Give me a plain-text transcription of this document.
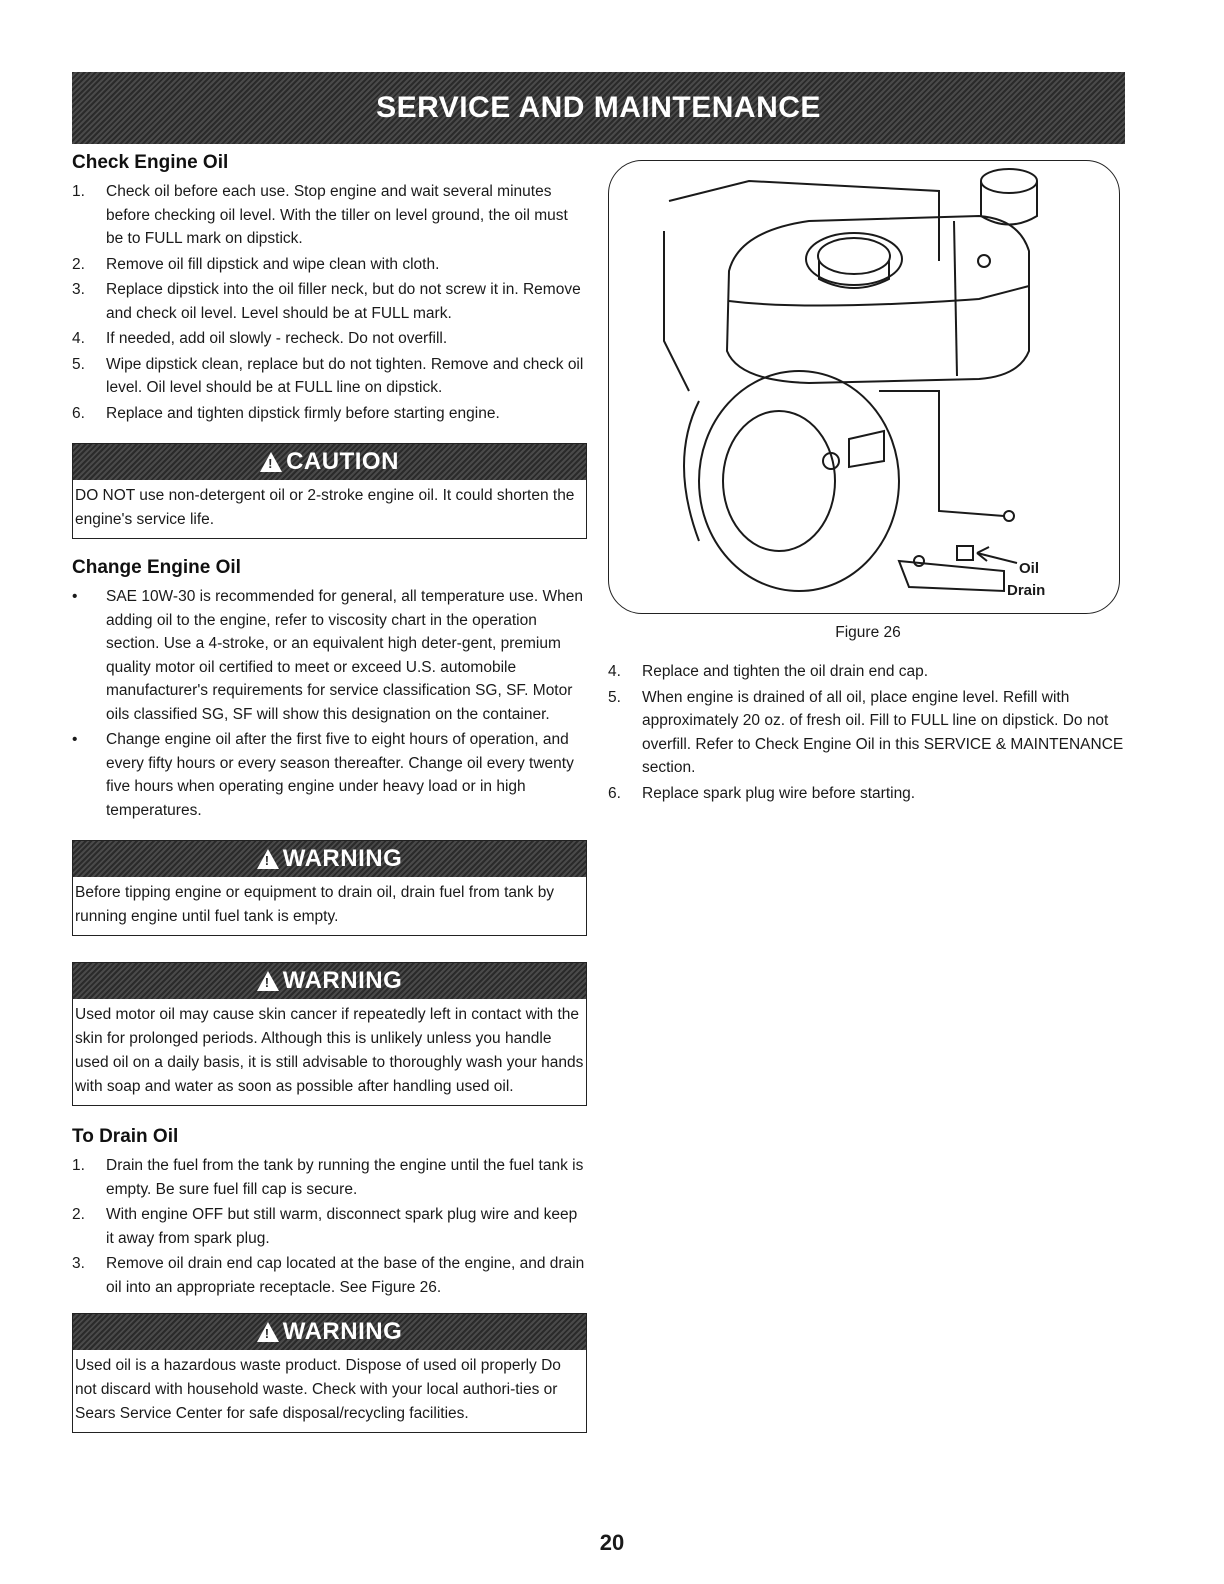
SERVICE AND MAINTENANCE
Check Engine Oil
1.	Check oil before each use. Stop engine and wait several minutes before checking oil level. With the tiller on level ground, the oil must be to FULL mark on dipstick.
2.	Remove oil fill dipstick and wipe clean with cloth.
3.	Replace dipstick into the oil filler neck, but do not screw it in. Remove and check oil level. Level should be at FULL mark.
4.	If needed, add oil slowly - recheck. Do not overfill.
5.	Wipe dipstick clean, replace but do not tighten. Remove and check oil level. Oil level should be at FULL line on dipstick.
6.	Replace and tighten dipstick firmly before starting engine.
!
CAUTION
DO NOT use non-detergent oil or 2-stroke engine oil. It could shorten the engine's service life.
Change Engine Oil
•	SAE 10W-30 is recommended for general, all temperature use. When adding oil to the engine, refer to viscosity chart in the operation section. Use a 4-stroke, or an equivalent high deter-gent, premium quality motor oil certified to meet or exceed U.S. automobile manufacturer's requirements for service classification SG, SF. Motor oils classified SG, SF will show this designation on the container.
•	Change engine oil after the first five to eight hours of operation, and every fifty hours or every season thereafter. Change oil every twenty five hours when operating engine under heavy load or in high temperatures.
!
WARNING
Before tipping engine or equipment to drain oil, drain fuel from tank by running engine until fuel tank is empty.
!
WARNING
Used motor oil may cause skin cancer if repeatedly left in contact with the skin for prolonged periods. Although this is unlikely unless you handle used oil on a daily basis, it is still advisable to thoroughly wash your hands with soap and water as soon as possible after handling used oil.
To Drain Oil
1.	Drain the fuel from the tank by running the engine until the fuel tank is empty. Be sure fuel fill cap is secure.
2.	With engine OFF but still warm, disconnect spark plug wire and keep it away from spark plug.
3.	Remove oil drain end cap located at the base of the engine, and drain oil into an appropriate receptacle. See Figure 26.
!
WARNING
Used oil is a hazardous waste product. Dispose of used oil properly Do not discard with household waste. Check with your local authori-ties or Sears Service Center for safe disposal/recycling facilities.
Oil
Drain
Figure 26
4.	Replace and tighten the oil drain end cap.
5.	When engine is drained of all oil, place engine level. Refill with approximately 20 oz. of fresh oil. Fill to FULL line on dipstick. Do not overfill. Refer to Check Engine Oil in this SERVICE & MAINTENANCE section.
6.	Replace spark plug wire before starting.
20
